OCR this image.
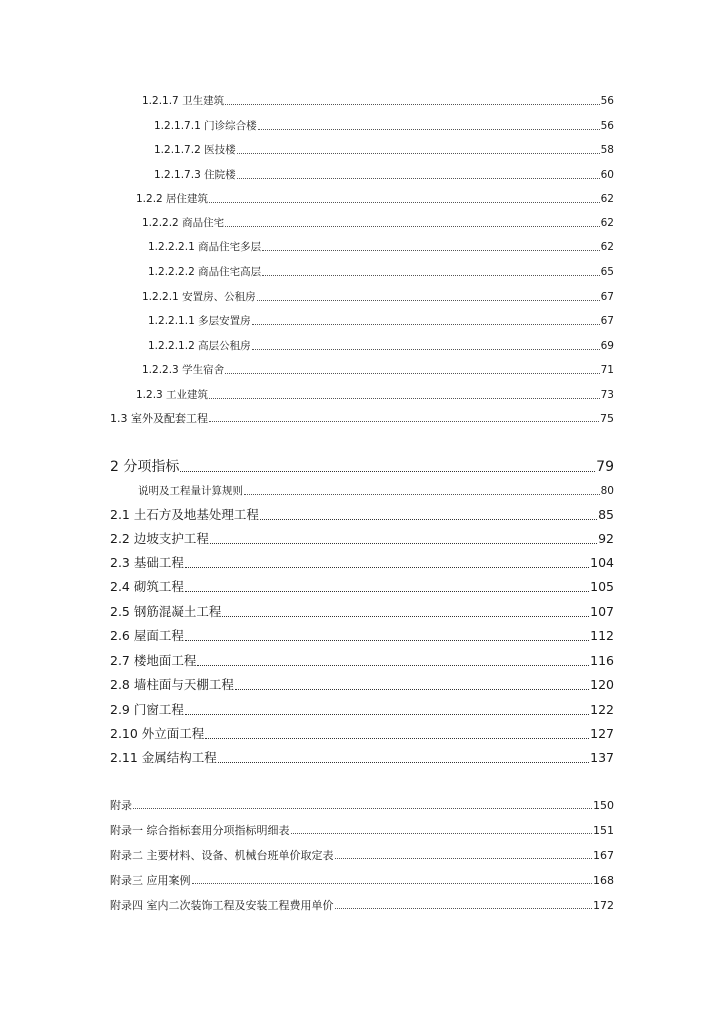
1.2.1.7 卫生建筑	56
1.2.1.7.1 门诊综合楼	56
1.2.1.7.2 医技楼	58
1.2.1.7.3 住院楼	60
1.2.2 居住建筑	62
1.2.2.2 商品住宅	62
1.2.2.2.1 商品住宅多层	62
1.2.2.2.2 商品住宅高层	65
1.2.2.1 安置房、公租房	67
1.2.2.1.1 多层安置房	67
1.2.2.1.2 高层公租房	69
1.2.2.3 学生宿舍	71
1.2.3 工业建筑	73
1.3 室外及配套工程	75
2 分项指标	79
说明及工程量计算规则	80
2.1 土石方及地基处理工程	85
2.2 边坡支护工程	92
2.3 基础工程	104
2.4 砌筑工程	105
2.5 钢筋混凝土工程	107
2.6 屋面工程	112
2.7 楼地面工程	116
2.8 墙柱面与天棚工程	120
2.9 门窗工程	122
2.10 外立面工程	127
2.11 金属结构工程	137
附录	150
附录一 综合指标套用分项指标明细表	151
附录二 主要材料、设备、机械台班单价取定表	167
附录三 应用案例	168
附录四 室内二次装饰工程及安装工程费用单价	172
